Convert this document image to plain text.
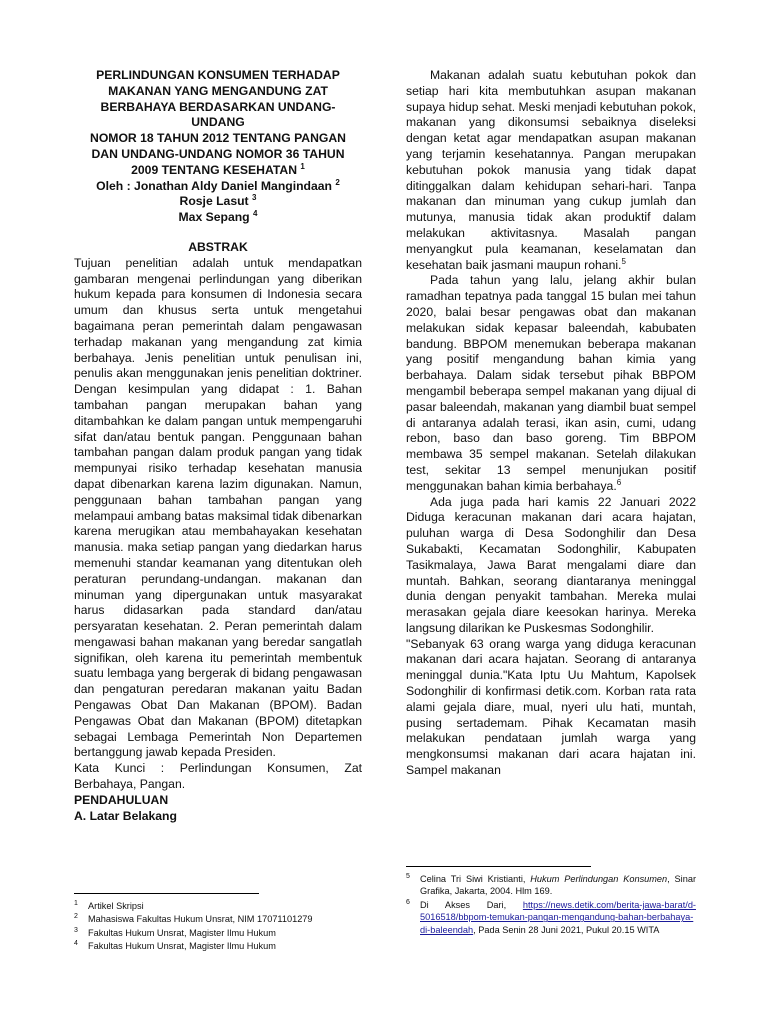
PERLINDUNGAN KONSUMEN TERHADAP

MAKANAN YANG MENGANDUNG ZAT

BERBAHAYA BERDASARKAN UNDANG-UNDANG

NOMOR 18 TAHUN 2012 TENTANG PANGAN

DAN UNDANG-UNDANG NOMOR 36 TAHUN

2009 TENTANG KESEHATAN $^1$

Oleh : Jonathan Aldy Daniel Mangindaan $^2$

Rosje Lasut $^3$

Max Sepang $^4$

ABSTRAK

Tujuan penelitian adalah untuk mendapatkan gambaran mengenai perlindungan yang diberikan hukum kepada para konsumen di Indonesia secara umum dan khusus serta untuk mengetahui bagaimana peran pemerintah dalam pengawasan terhadap makanan yang mengandung zat kimia berbahaya. Jenis penelitian untuk penulisan ini, penulis akan menggunakan jenis penelitian doktriner. Dengan kesimpulan yang didapat : 1. Bahan tambahan pangan merupakan bahan yang ditambahkan ke dalam pangan untuk mempengaruhi sifat dan/atau bentuk pangan. Penggunaan bahan tambahan pangan dalam produk pangan yang tidak mempunyai risiko terhadap kesehatan manusia dapat dibenarkan karena lazim digunakan. Namun, penggunaan bahan tambahan pangan yang melampaui ambang batas maksimal tidak dibenarkan karena merugikan atau membahayakan kesehatan manusia. maka setiap pangan yang diedarkan harus memenuhi standar keamanan yang ditentukan oleh peraturan perundang-undangan. makanan dan minuman yang dipergunakan untuk masyarakat harus didasarkan pada standard dan/atau persyaratan kesehatan. 2. Peran pemerintah dalam mengawasi bahan makanan yang beredar sangatlah signifikan, oleh karena itu pemerintah membentuk suatu lembaga yang bergerak di bidang pengawasan dan pengaturan peredaran makanan yaitu Badan Pengawas Obat Dan Makanan (BPOM). Badan Pengawas Obat dan Makanan (BPOM) ditetapkan sebagai Lembaga Pemerintah Non Departemen bertanggung jawab kepada Presiden.

Kata Kunci : Perlindungan Konsumen, Zat Berbahaya, Pangan.

PENDAHULUAN

A. Latar Belakang

Makanan adalah suatu kebutuhan pokok dan setiap hari kita membutuhkan asupan makanan supaya hidup sehat. Meski menjadi kebutuhan pokok, makanan yang dikonsumsi sebaiknya diseleksi dengan ketat agar mendapatkan asupan makanan yang terjamin kesehatannya. Pangan merupakan kebutuhan pokok manusia yang tidak dapat ditinggalkan dalam kehidupan sehari-hari. Tanpa makanan dan minuman yang cukup jumlah dan mutunya, manusia tidak akan produktif dalam melakukan aktivitasnya. Masalah pangan menyangkut pula keamanan, keselamatan dan kesehatan baik jasmani maupun rohani.$^5$

Pada tahun yang lalu, jelang akhir bulan ramadhan tepatnya pada tanggal 15 bulan mei tahun 2020, balai besar pengawas obat dan makanan melakukan sidak kepasar baleendah, kabubaten bandung. BBPOM menemukan beberapa makanan yang positif mengandung bahan kimia yang berbahaya. Dalam sidak tersebut pihak BBPOM mengambil beberapa sempel makanan yang dijual di pasar baleendah, makanan yang diambil buat sempel di antaranya adalah terasi, ikan asin, cumi, udang rebon, baso dan baso goreng. Tim BBPOM membawa 35 sempel makanan. Setelah dilakukan test, sekitar 13 sempel menunjukan positif menggunakan bahan kimia berbahaya.$^6$

Ada juga pada hari kamis 22 Januari 2022 Diduga keracunan makanan dari acara hajatan, puluhan warga di Desa Sodonghilir dan Desa Sukabakti, Kecamatan Sodonghilir, Kabupaten Tasikmalaya, Jawa Barat mengalami diare dan muntah. Bahkan, seorang diantaranya meninggal dunia dengan penyakit tambahan. Mereka mulai merasakan gejala diare keesokan harinya. Mereka langsung dilarikan ke Puskesmas Sodonghilir.

"Sebanyak 63 orang warga yang diduga keracunan makanan dari acara hajatan. Seorang di antaranya meninggal dunia."Kata Iptu Uu Mahtum, Kapolsek Sodonghilir di konfirmasi detik.com. Korban rata rata alami gejala diare, mual, nyeri ulu hati, muntah, pusing sertademam. Pihak Kecamatan masih melakukan pendataan jumlah warga yang mengkonsumsi makanan dari acara hajatan ini. Sampel makanan

1 Artikel Skripsi

2 Mahasiswa Fakultas Hukum Unsrat, NIM 17071101279

3 Fakultas Hukum Unsrat, Magister Ilmu Hukum

4 Fakultas Hukum Unsrat, Magister Ilmu Hukum

5 Celina Tri Siwi Kristianti, Hukum Perlindungan Konsumen, Sinar Grafika, Jakarta, 2004. Hlm 169.

6 Di Akses Dari, https://news.detik.com/berita-jawa-barat/d-5016518/bbpom-temukan-pangan-mengandung-bahan-berbahaya-di-baleendah, Pada Senin 28 Juni 2021, Pukul 20.15 WITA
